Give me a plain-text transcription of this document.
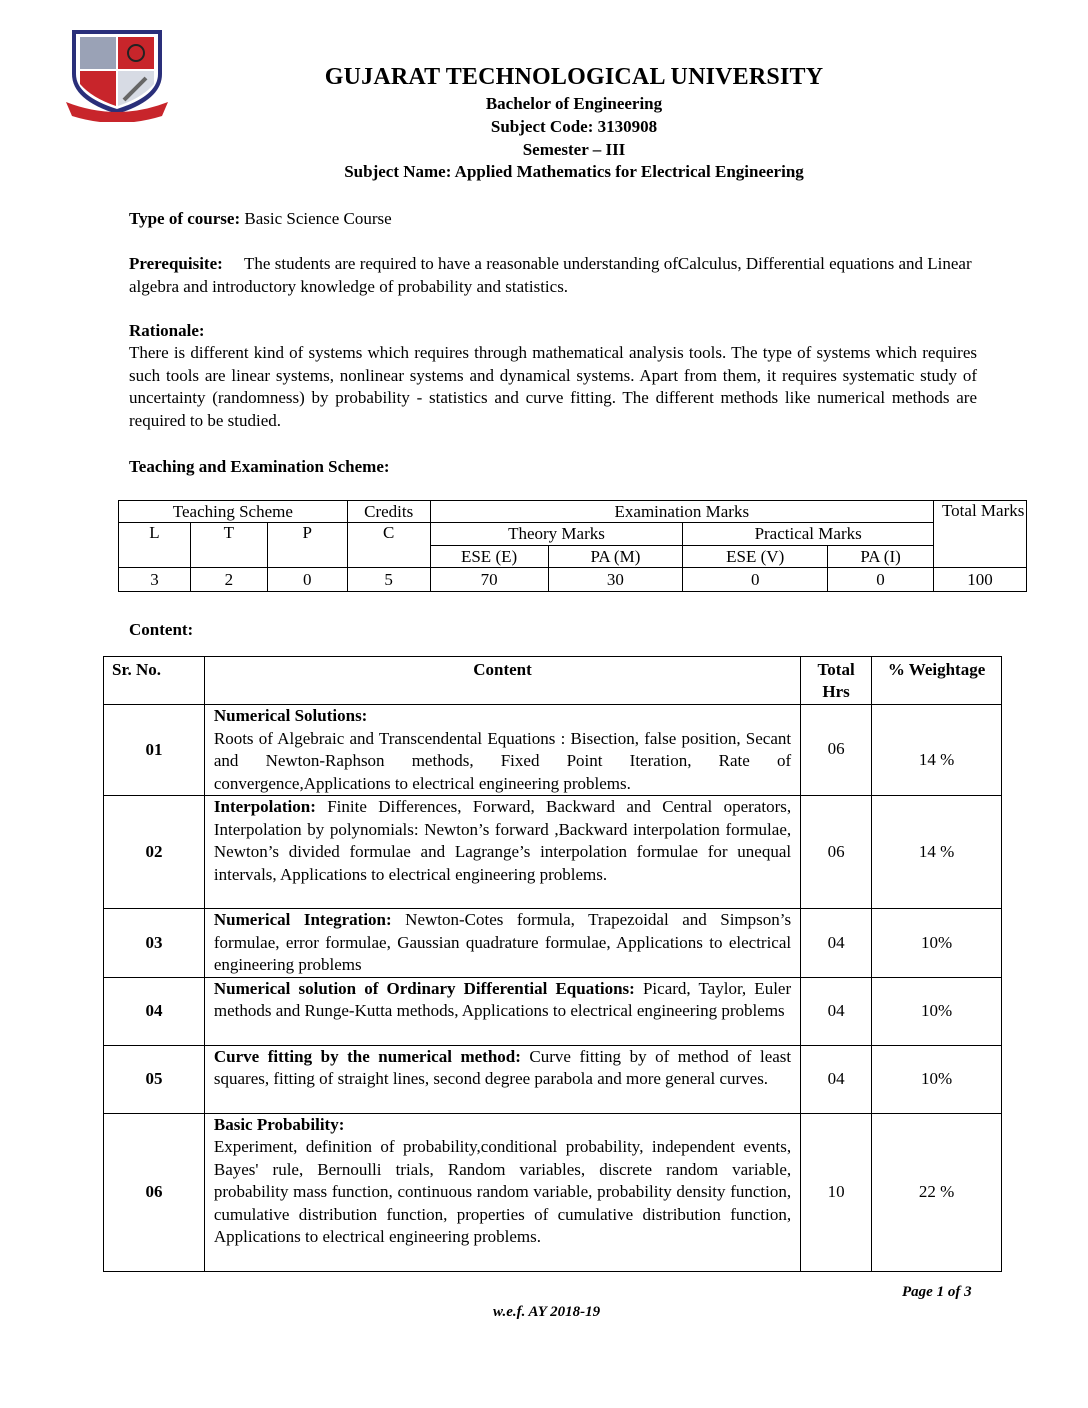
GUJARAT TECHNOLOGICAL UNIVERSITY
Bachelor of Engineering
Subject Code: 3130908
Semester – III
Subject Name: Applied Mathematics for Electrical Engineering
Type of course: Basic Science Course
Prerequisite: The students are required to have a reasonable understanding ofCalculus, Differential equations and Linear algebra and introductory knowledge of probability and statistics.
Rationale:
There is different kind of systems which requires through mathematical analysis tools. The type of systems which requires such tools are linear systems, nonlinear systems and dynamical systems. Apart from them, it requires systematic study of uncertainty (randomness) by probability - statistics and curve fitting. The different methods like numerical methods are required to be studied.
Teaching and Examination Scheme:
Teaching Scheme			Credits	Examination Marks				Total Marks
L	T	P	C	Theory Marks		Practical Marks		
				ESE (E)	PA (M)	ESE (V)	PA (I)	
3	2	0	5	70	30	0	0	100
Content:
Sr. No.	Content	Total Hrs	% Weightage
01	Numerical Solutions:
Roots of Algebraic and Transcendental Equations : Bisection, false position, Secant and Newton-Raphson methods, Fixed Point Iteration, Rate of convergence,Applications to electrical engineering problems.	06	14 %
02	Interpolation: Finite Differences, Forward, Backward and Central operators, Interpolation by polynomials: Newton’s forward ,Backward interpolation formulae, Newton’s divided formulae and Lagrange’s interpolation formulae for unequal intervals, Applications to electrical engineering problems.	06	14 %
03	Numerical Integration: Newton-Cotes formula, Trapezoidal and Simpson’s formulae, error formulae, Gaussian quadrature formulae, Applications to electrical engineering problems	04	10%
04	Numerical solution of Ordinary Differential Equations: Picard, Taylor, Euler methods and Runge-Kutta methods, Applications to electrical engineering problems	04	10%
05	Curve fitting by the numerical method: Curve fitting by of method of least squares, fitting of straight lines, second degree parabola and more general curves.	04	10%
06	Basic Probability:
Experiment, definition of probability,conditional probability, independent events, Bayes' rule, Bernoulli trials, Random variables, discrete random variable, probability mass function, continuous random variable, probability density function, cumulative distribution function, properties of cumulative distribution function, Applications to electrical engineering problems.	10	22 %
Page 1 of 3
w.e.f. AY 2018-19
